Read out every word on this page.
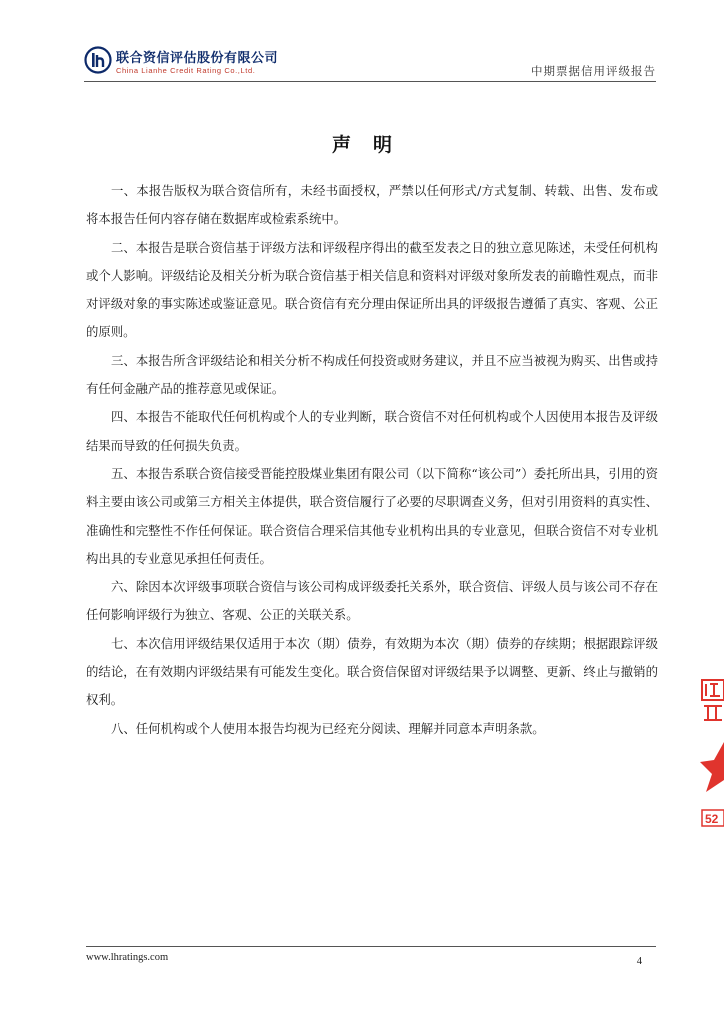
联合资信评估股份有限公司
China Lianhe Credit Rating Co.,Ltd.	中期票据信用评级报告
声明

一、本报告版权为联合资信所有，未经书面授权，严禁以任何形式/方式复制、转载、出售、发布或将本报告任何内容存储在数据库或检索系统中。

二、本报告是联合资信基于评级方法和评级程序得出的截至发表之日的独立意见陈述，未受任何机构或个人影响。评级结论及相关分析为联合资信基于相关信息和资料对评级对象所发表的前瞻性观点，而非对评级对象的事实陈述或鉴证意见。联合资信有充分理由保证所出具的评级报告遵循了真实、客观、公正的原则。

三、本报告所含评级结论和相关分析不构成任何投资或财务建议，并且不应当被视为购买、出售或持有任何金融产品的推荐意见或保证。

四、本报告不能取代任何机构或个人的专业判断，联合资信不对任何机构或个人因使用本报告及评级结果而导致的任何损失负责。

五、本报告系联合资信接受晋能控股煤业集团有限公司（以下简称“该公司”）委托所出具，引用的资料主要由该公司或第三方相关主体提供，联合资信履行了必要的尽职调查义务，但对引用资料的真实性、准确性和完整性不作任何保证。联合资信合理采信其他专业机构出具的专业意见，但联合资信不对专业机构出具的专业意见承担任何责任。

六、除因本次评级事项联合资信与该公司构成评级委托关系外，联合资信、评级人员与该公司不存在任何影响评级行为独立、客观、公正的关联关系。

七、本次信用评级结果仅适用于本次（期）债券，有效期为本次（期）债券的存续期；根据跟踪评级的结论，在有效期内评级结果有可能发生变化。联合资信保留对评级结果予以调整、更新、终止与撤销的权利。

八、任何机构或个人使用本报告均视为已经充分阅读、理解并同意本声明条款。

52
www.lhratings.com	4
